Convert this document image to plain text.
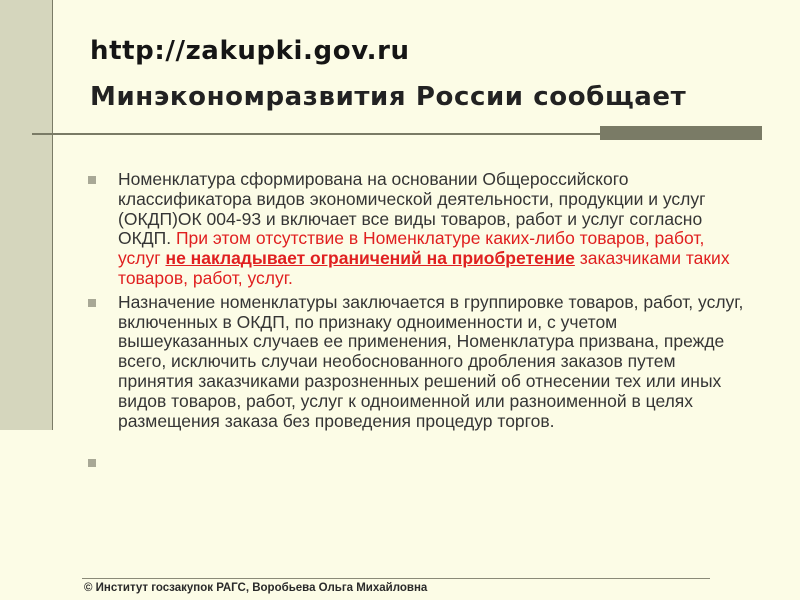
http://zakupki.gov.ru
Минэкономразвития России сообщает
Номенклатура сформирована на основании Общероссийского классификатора видов экономической деятельности, продукции и услуг (ОКДП)ОК 004-93 и включает все виды товаров, работ и услуг согласно ОКДП. При этом отсутствие в Номенклатуре каких-либо товаров, работ, услуг не накладывает ограничений на приобретение заказчиками таких товаров, работ, услуг.
Назначение номенклатуры заключается в группировке товаров, работ, услуг, включенных в ОКДП, по признаку одноименности и, с учетом вышеуказанных случаев ее применения, Номенклатура призвана, прежде всего, исключить случаи необоснованного дробления заказов путем принятия заказчиками разрозненных решений об отнесении тех или иных видов товаров, работ, услуг к одноименной или разноименной в целях размещения заказа без проведения процедур торгов.
© Институт госзакупок РАГС, Воробьева Ольга Михайловна
